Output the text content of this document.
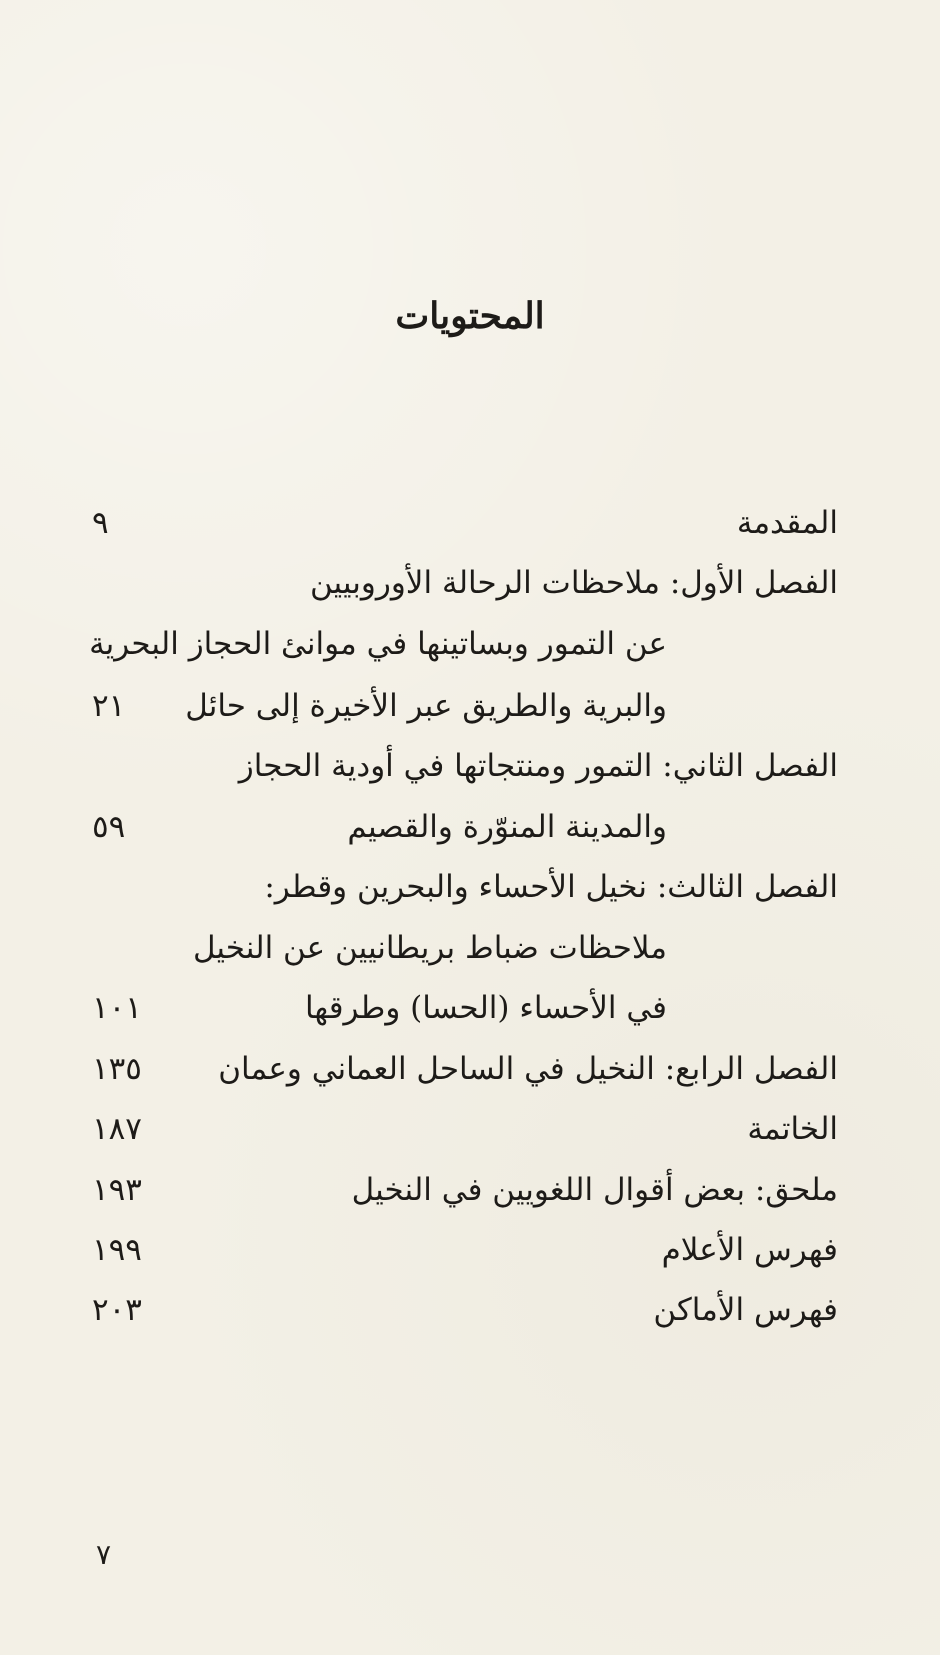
المحتويات
المقدمة
٩
الفصل الأول: ملاحظات الرحالة الأوروبيين
عن التمور وبساتينها في موانئ الحجاز البحرية
والبرية والطريق عبر الأخيرة إلى حائل
٢١
الفصل الثاني: التمور ومنتجاتها في أودية الحجاز
والمدينة المنوّرة والقصيم
٥٩
الفصل الثالث: نخيل الأحساء والبحرين وقطر:
ملاحظات ضباط بريطانيين عن النخيل
في الأحساء (الحسا) وطرقها
١٠١
الفصل الرابع: النخيل في الساحل العماني وعمان
١٣٥
الخاتمة
١٨٧
ملحق: بعض أقوال اللغويين في النخيل
١٩٣
فهرس الأعلام
١٩٩
فهرس الأماكن
٢٠٣
٧
